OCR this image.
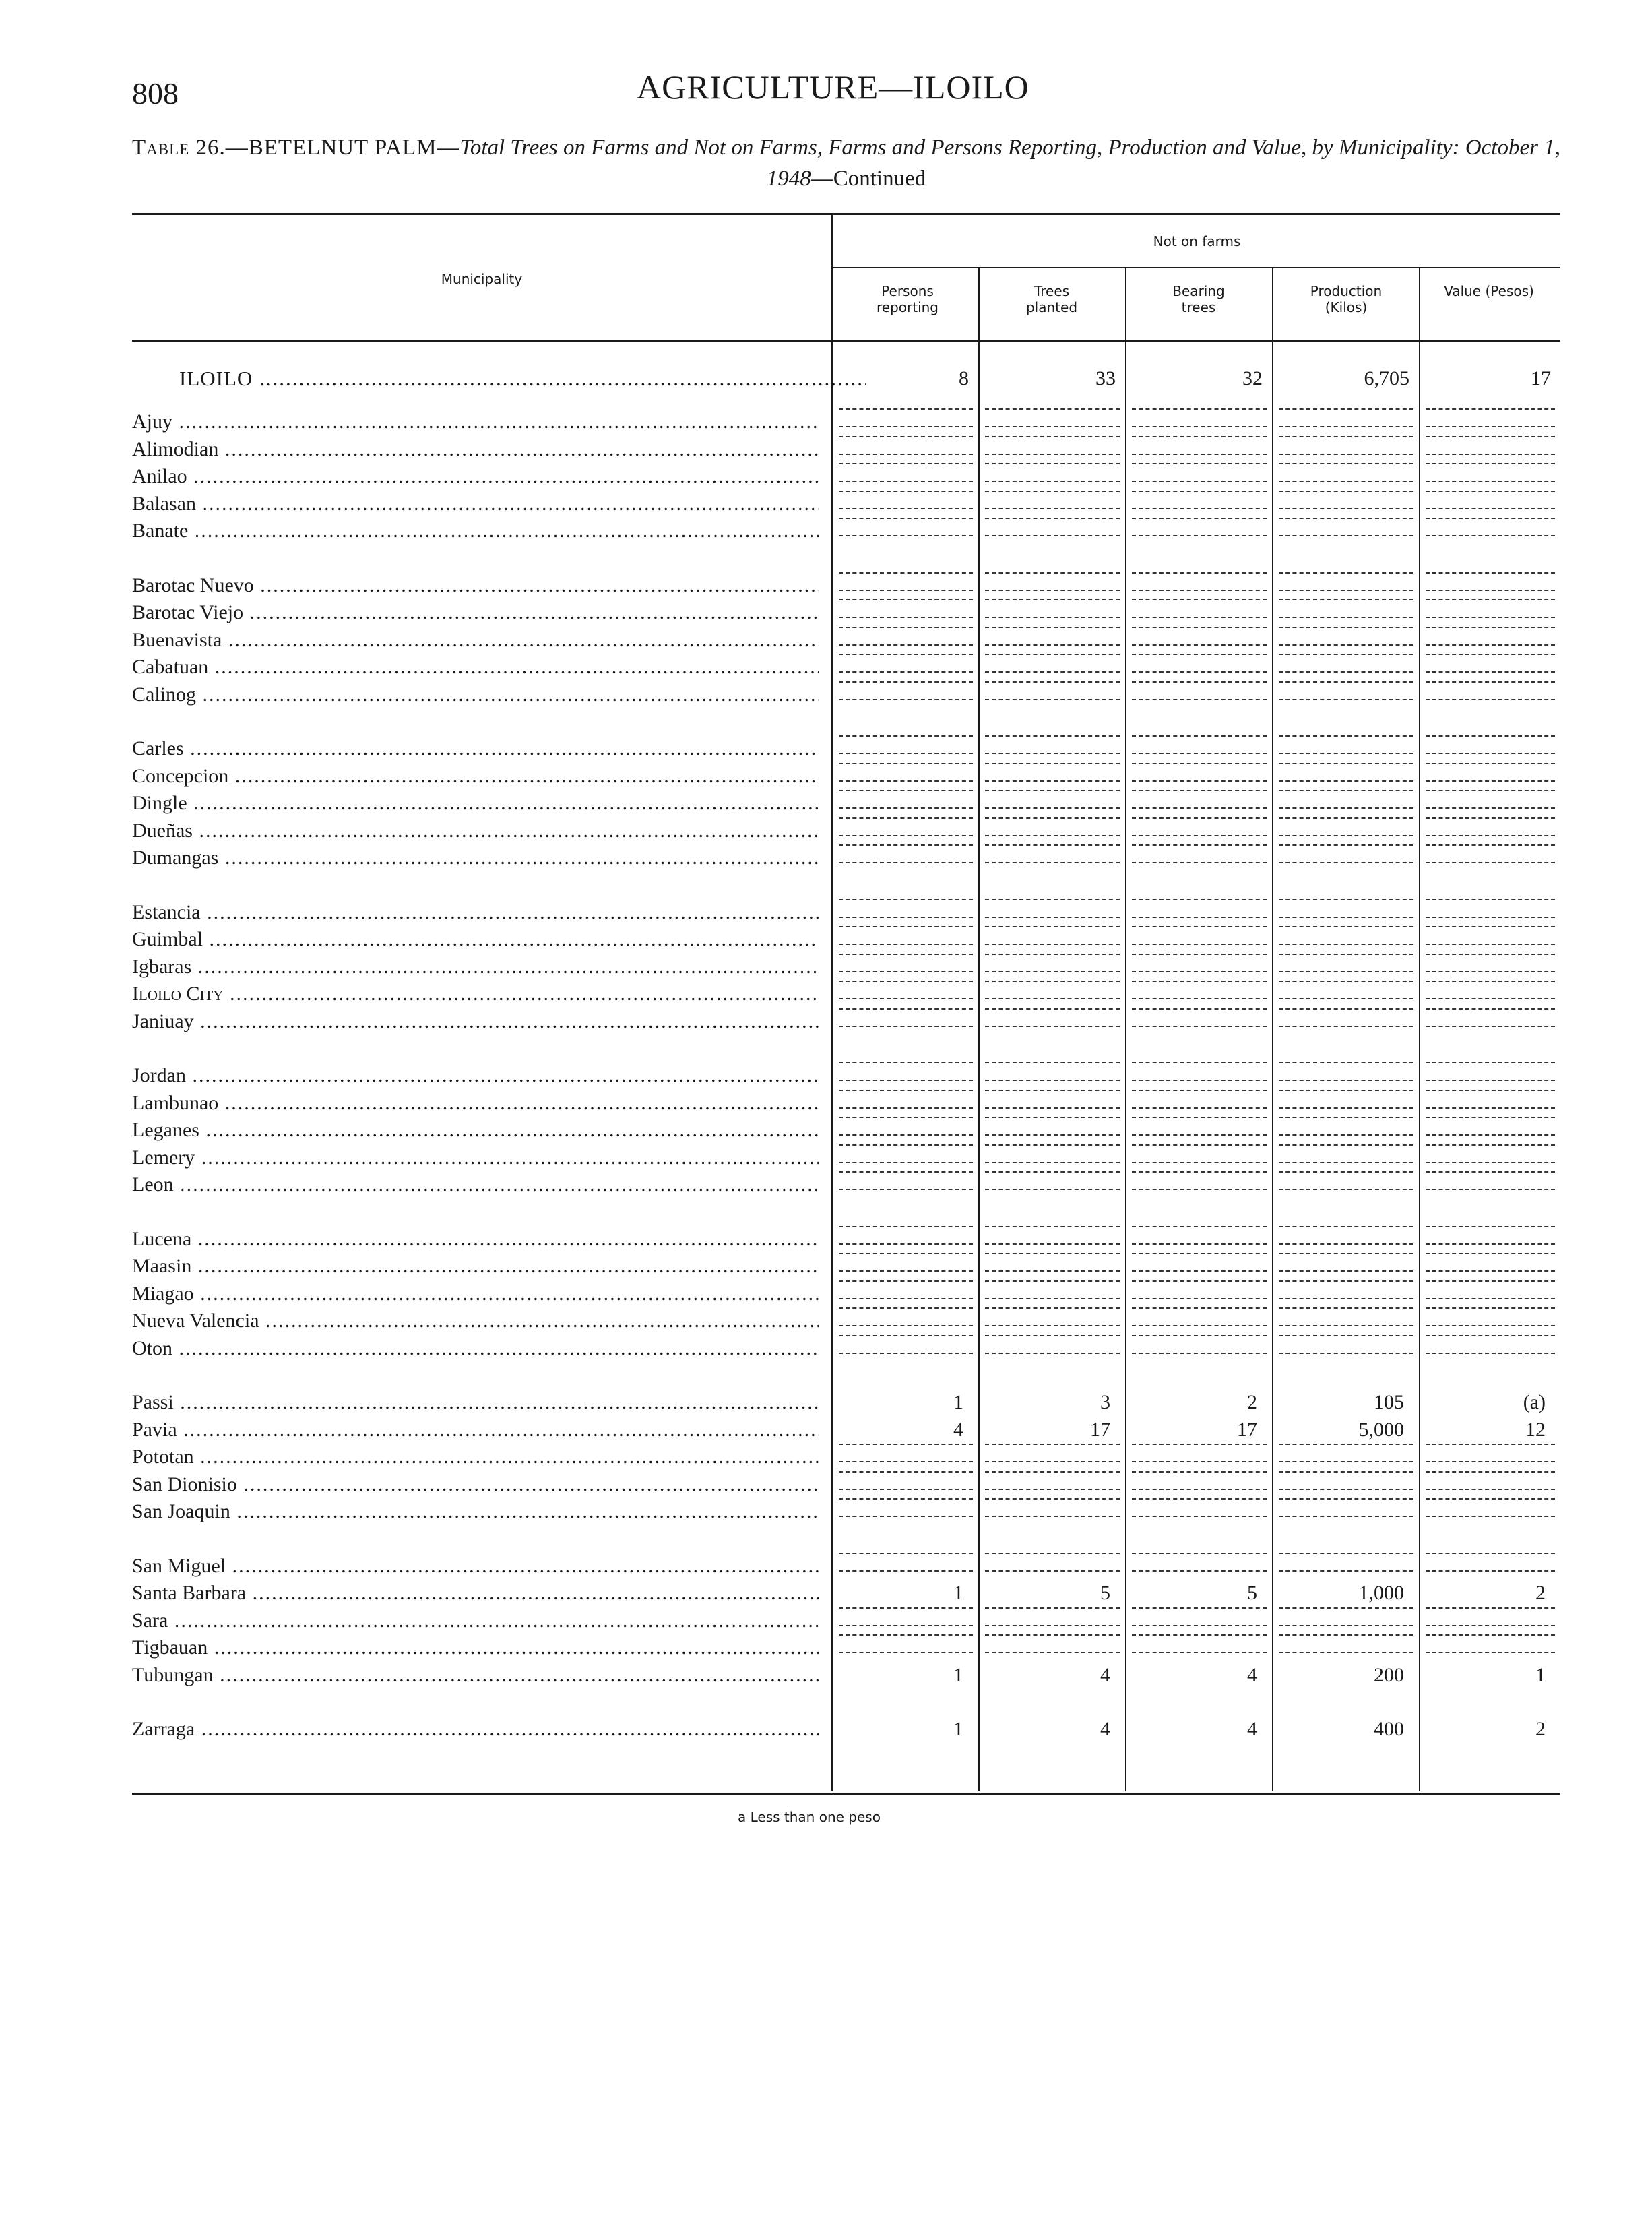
808	AGRICULTURE—ILOILO
Table 26.—BETELNUT PALM—Total Trees on Farms and Not on Farms, Farms and Persons Reporting, Production and Value, by Municipality: October 1, 1948—Continued
Not on farms
Municipality
Persons reporting
Trees planted
Bearing trees
Production (Kilos)
Value (Pesos)
ILOILO .....	8	33	32	6,705	17
Ajuy .....
Alimodian .....
Anilao .....
Balasan .....
Banate .....
Barotac Nuevo .....
Barotac Viejo .....
Buenavista .....
Cabatuan .....
Calinog .....
Carles .....
Concepcion .....
Dingle .....
Dueñas .....
Dumangas .....
Estancia .....
Guimbal .....
Igbaras .....
Iloilo City .....
Janiuay .....
Jordan .....
Lambunao .....
Leganes .....
Lemery .....
Leon .....
Lucena .....
Maasin .....
Miagao .....
Nueva Valencia .....
Oton .....
Passi .....	1	3	2	105	(a)
Pavia .....	4	17	17	5,000	12
Pototan .....
San Dionisio .....
San Joaquin .....
San Miguel .....
Santa Barbara .....	1	5	5	1,000	2
Sara .....
Tigbauan .....
Tubungan .....	1	4	4	200	1
Zarraga .....	1	4	4	400	2
a Less than one peso
